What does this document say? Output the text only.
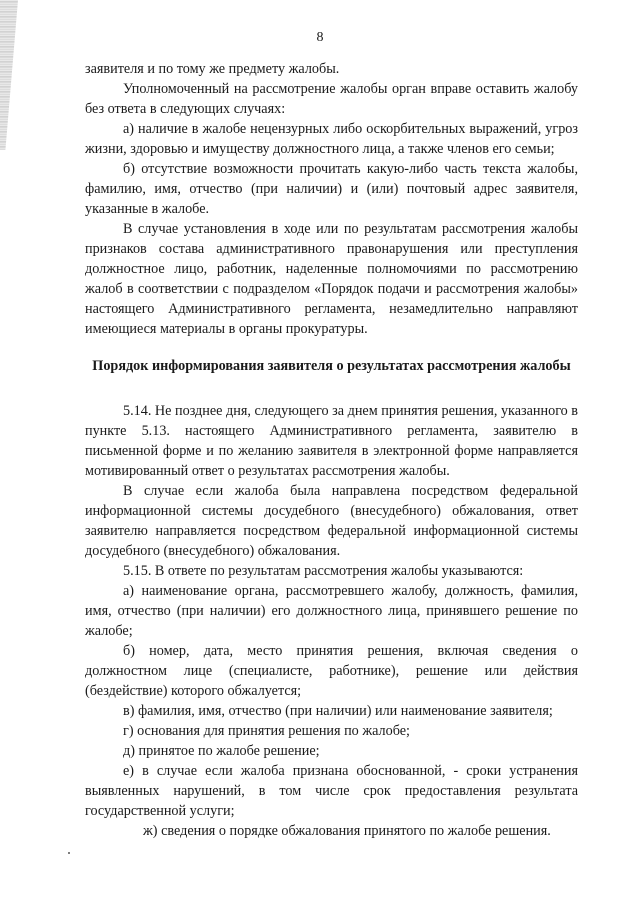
8

заявителя и по тому же предмету жалобы.

Уполномоченный на рассмотрение жалобы орган вправе оставить жалобу без ответа в следующих случаях:

а) наличие в жалобе нецензурных либо оскорбительных выражений, угроз жизни, здоровью и имуществу должностного лица, а также членов его семьи;

б) отсутствие возможности прочитать какую-либо часть текста жалобы, фамилию, имя, отчество (при наличии) и (или) почтовый адрес заявителя, указанные в жалобе.

В случае установления в ходе или по результатам рассмотрения жалобы признаков состава административного правонарушения или преступления должностное лицо, работник, наделенные полномочиями по рассмотрению жалоб в соответствии с подразделом «Порядок подачи и рассмотрения жалобы» настоящего Административного регламента, незамедлительно направляют имеющиеся материалы в органы прокуратуры.

Порядок информирования заявителя о результатах рассмотрения жалобы

5.14. Не позднее дня, следующего за днем принятия решения, указанного в пункте 5.13. настоящего Административного регламента, заявителю в письменной форме и по желанию заявителя в электронной форме направляется мотивированный ответ о результатах рассмотрения жалобы.

В случае если жалоба была направлена посредством федеральной информационной системы досудебного (внесудебного) обжалования, ответ заявителю направляется посредством федеральной информационной системы досудебного (внесудебного) обжалования.

5.15. В ответе по результатам рассмотрения жалобы указываются:

а) наименование органа, рассмотревшего жалобу, должность, фамилия, имя, отчество (при наличии) его должностного лица, принявшего решение по жалобе;

б) номер, дата, место принятия решения, включая сведения о должностном лице (специалисте, работнике), решение или действия (бездействие) которого обжалуется;

в) фамилия, имя, отчество (при наличии) или наименование заявителя;

г) основания для принятия решения по жалобе;

д) принятое по жалобе решение;

е) в случае если жалоба признана обоснованной, - сроки устранения выявленных нарушений, в том числе срок предоставления результата государственной услуги;

ж) сведения о порядке обжалования принятого по жалобе решения.
